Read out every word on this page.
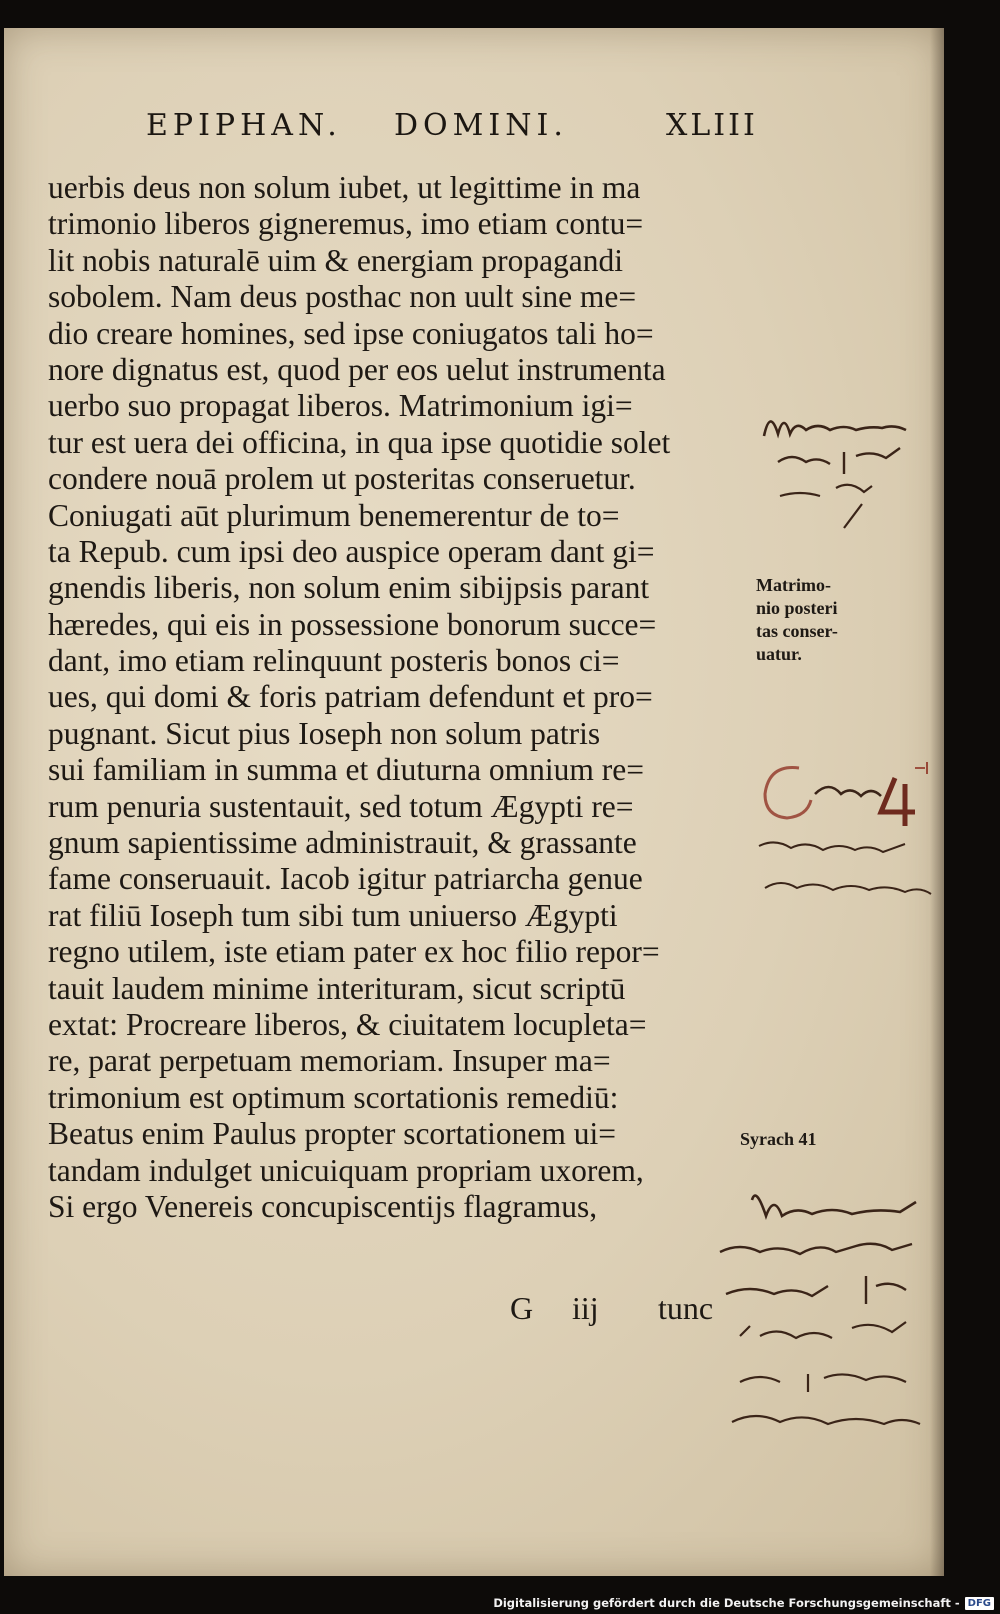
EPIPHAN. DOMINI.	XLIII
uerbis deus non solum iubet, ut legittime in ma
trimonio liberos gigneremus, imo etiam contu=
lit nobis naturalē uim & energiam propagandi
sobolem. Nam deus posthac non uult sine me=
dio creare homines, sed ipse coniugatos tali ho=
nore dignatus est, quod per eos uelut instrumenta
uerbo suo propagat liberos. Matrimonium igi=
tur est uera dei officina, in qua ipse quotidie solet
condere nouā prolem ut posteritas conseruetur.
Coniugati aūt plurimum benemerentur de to=
ta Repub. cum ipsi deo auspice operam dant gi=
gnendis liberis, non solum enim sibijpsis parant
hæredes, qui eis in possessione bonorum succe=
dant, imo etiam relinquunt posteris bonos ci=
ues, qui domi & foris patriam defendunt et pro=
pugnant. Sicut pius Ioseph non solum patris
sui familiam in summa et diuturna omnium re=
rum penuria sustentauit, sed totum Ægypti re=
gnum sapientissime administrauit, & grassante
fame conseruauit. Iacob igitur patriarcha genue
rat filiū Ioseph tum sibi tum uniuerso Ægypti
regno utilem, iste etiam pater ex hoc filio repor=
tauit laudem minime interituram, sicut scriptū
extat: Procreare liberos, & ciuitatem locupleta=
re, parat perpetuam memoriam. Insuper ma=
trimonium est optimum scortationis remediū:
Beatus enim Paulus propter scortationem ui=
tandam indulget unicuiquam propriam uxorem,
Si ergo Venereis concupiscentijs flagramus,
G iij tunc
Matrimo-
nio posteri
tas conser-
uatur.
Syrach 41
Digitalisierung gefördert durch die Deutsche Forschungsgemeinschaft - DFG
